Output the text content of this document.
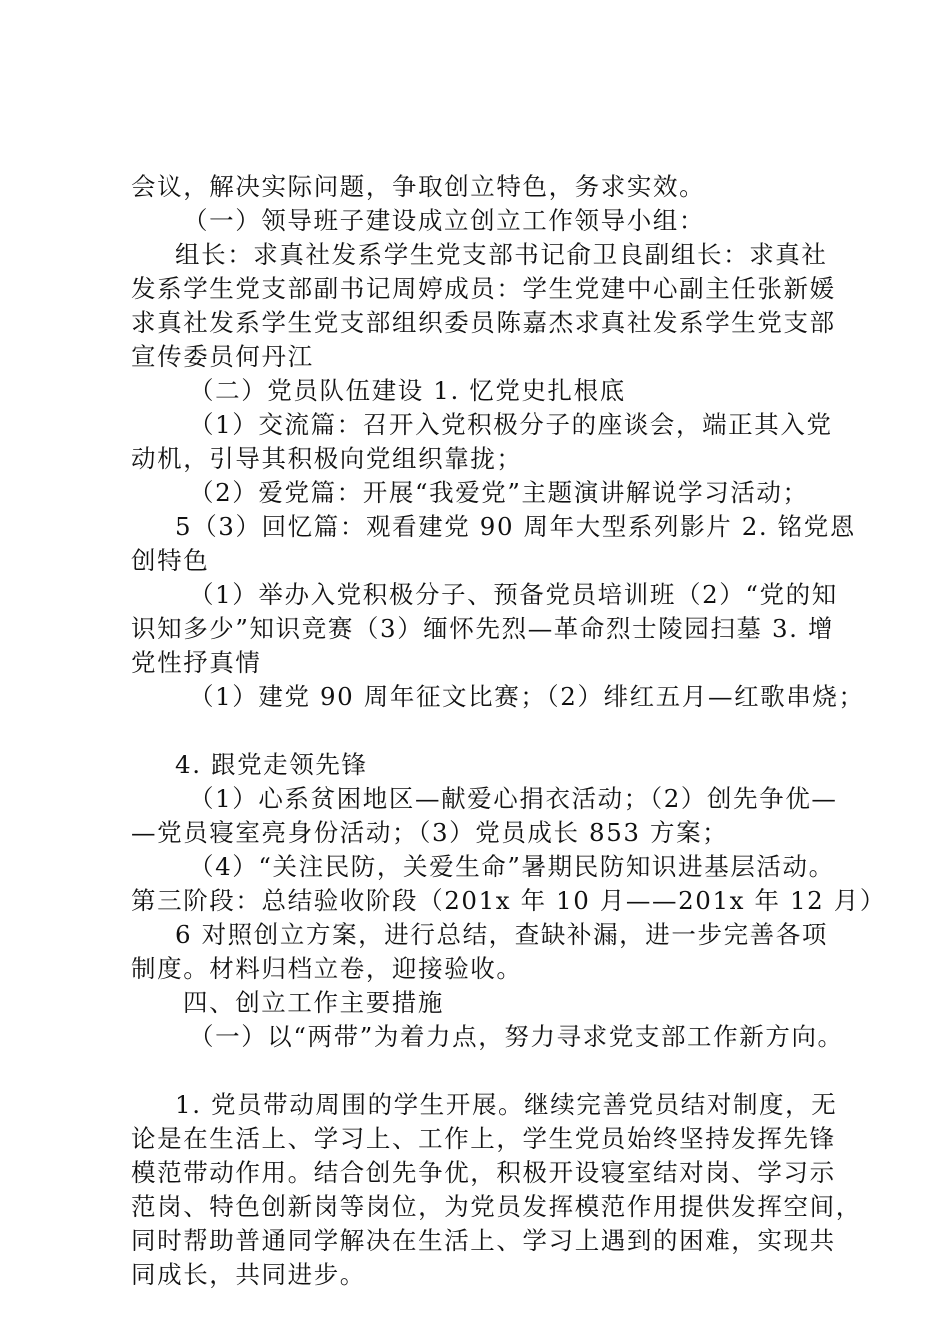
会议，解决实际问题，争取创立特色，务求实效。
（一）领导班子建设成立创立工作领导小组：
组长：求真社发系学生党支部书记俞卫良副组长：求真社
发系学生党支部副书记周婷成员：学生党建中心副主任张新媛
求真社发系学生党支部组织委员陈嘉杰求真社发系学生党支部
宣传委员何丹江
（二）党员队伍建设 1. 忆党史扎根底
（1）交流篇：召开入党积极分子的座谈会，端正其入党
动机，引导其积极向党组织靠拢；
（2）爱党篇：开展“我爱党”主题演讲解说学习活动；
5（3）回忆篇：观看建党 90 周年大型系列影片 2. 铭党恩
创特色
（1）举办入党积极分子、预备党员培训班（2）“党的知
识知多少”知识竞赛（3）缅怀先烈—革命烈士陵园扫墓 3. 增
党性抒真情
（1）建党 90 周年征文比赛；（2）绯红五月—红歌串烧；
4. 跟党走领先锋
（1）心系贫困地区—献爱心捐衣活动；（2）创先争优—
—党员寝室亮身份活动；（3）党员成长 853 方案；
（4）“关注民防，关爱生命”暑期民防知识进基层活动。
第三阶段：总结验收阶段（201x 年 10 月——201x 年 12 月）
6 对照创立方案，进行总结，查缺补漏，进一步完善各项
制度。材料归档立卷，迎接验收。
四、创立工作主要措施
（一）以“两带”为着力点，努力寻求党支部工作新方向。
1. 党员带动周围的学生开展。继续完善党员结对制度，无
论是在生活上、学习上、工作上，学生党员始终坚持发挥先锋
模范带动作用。结合创先争优，积极开设寝室结对岗、学习示
范岗、特色创新岗等岗位，为党员发挥模范作用提供发挥空间，
同时帮助普通同学解决在生活上、学习上遇到的困难，实现共
同成长，共同进步。
